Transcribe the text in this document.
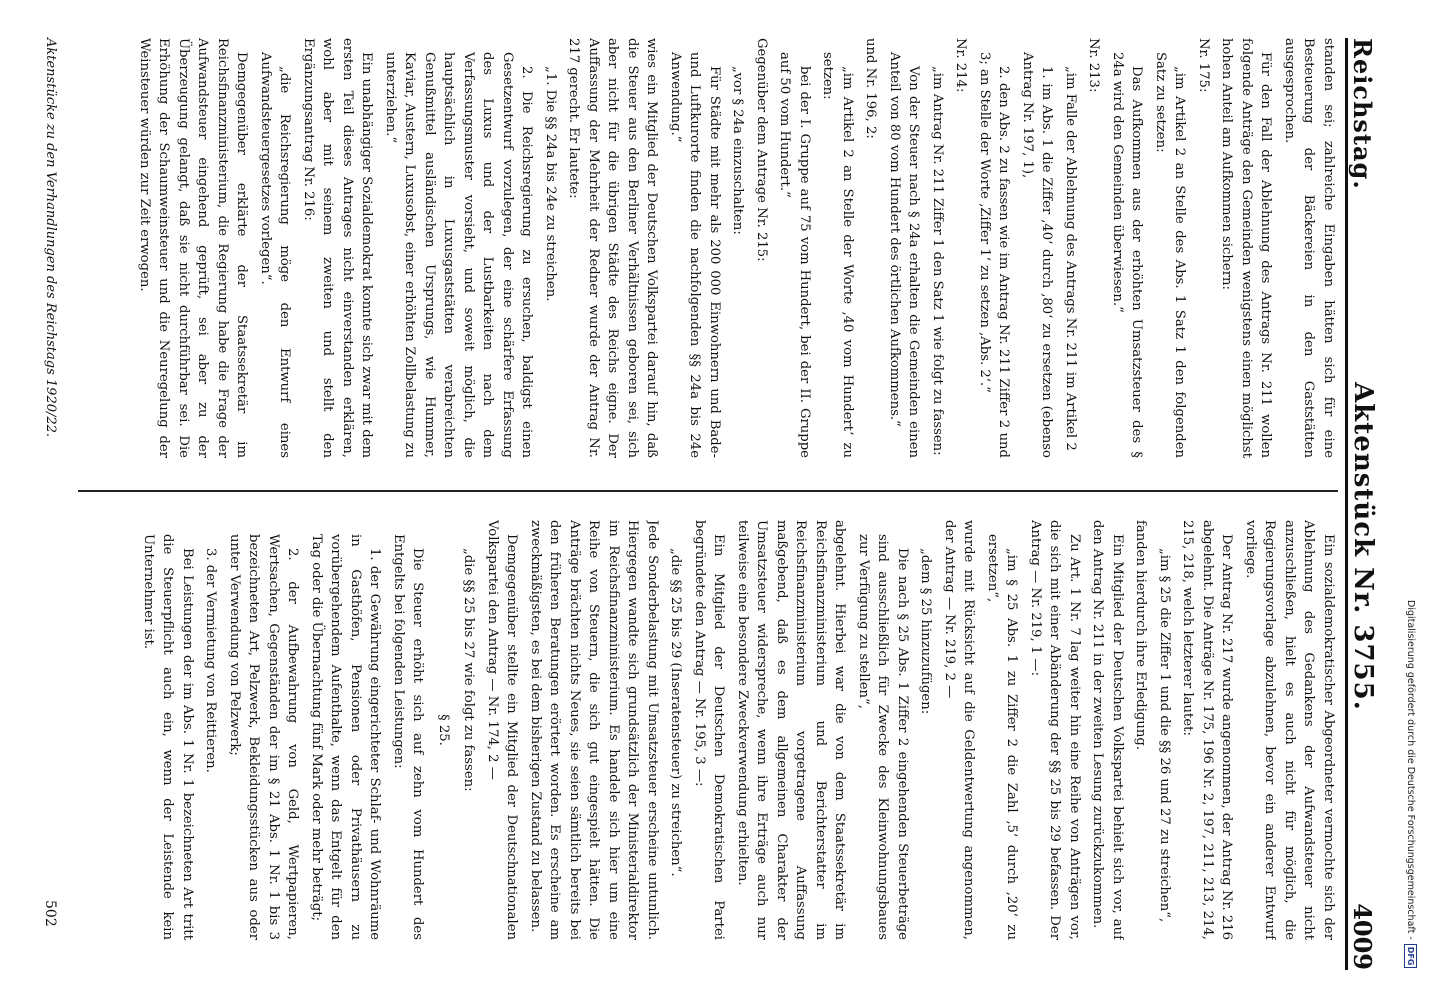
Reichstag.
Aktenstück Nr. 3755.
4009

standen sei; zahlreiche Eingaben hätten sich für eine Besteuerung der Bäckereien in den Gaststätten ausgesprochen.

Für den Fall der Ablehnung des Antrags Nr. 211 wollen folgende Anträge den Gemeinden wenigstens einen möglichst hohen Anteil am Aufkommen sichern:

Nr. 175:

„im Artikel 2 an Stelle des Abs. 1 Satz 1 den folgenden Satz zu setzen:

Das Aufkommen aus der erhöhten Umsatzsteuer des § 24a wird den Gemeinden überwiesen.“

Nr. 213:

„im Falle der Ablehnung des Antrags Nr. 211 im Artikel 2

1. im Abs. 1 die Ziffer ‚40‘ durch ‚80‘ zu ersetzen (ebenso Antrag Nr. 197, 1),

2. den Abs. 2 zu fassen wie im Antrag Nr. 211 Ziffer 2 und 3; an Stelle der Worte ‚Ziffer 1‘ zu setzen ‚Abs. 2‘.“

Nr. 214:

„im Antrag Nr. 211 Ziffer 1 den Satz 1 wie folgt zu fassen:

Von der Steuer nach § 24a erhalten die Gemeinden einen Anteil von 80 vom Hundert des örtlichen Aufkommens.“

und Nr. 196, 2:

„im Artikel 2 an Stelle der Worte ‚40 vom Hundert‘ zu setzen:

bei der I. Gruppe auf 75 vom Hundert, bei der II. Gruppe auf 50 vom Hundert.“

Gegenüber dem Antrage Nr. 215:

„vor § 24a einzuschalten:

Für Städte mit mehr als 200 000 Einwohnern und Bade- und Luftkurorte finden die nachfolgenden §§ 24a bis 24e Anwendung.“

wies ein Mitglied der Deutschen Volkspartei darauf hin, daß die Steuer aus den Berliner Verhältnissen geboren sei, sich aber nicht für die übrigen Städte des Reichs eigne. Der Auffassung der Mehrheit der Redner wurde der Antrag Nr. 217 gerecht. Er lautete:

„1. Die §§ 24a bis 24e zu streichen.

2. Die Reichsregierung zu ersuchen, baldigst einen Gesetzentwurf vorzulegen, der eine schärfere Erfassung des Luxus und der Lustbarkeiten nach dem Verfassungsmuster vorsieht, und soweit möglich, die hauptsächlich in Luxusgaststätten verabreichten Genußmittel ausländischen Ursprungs, wie Hummer, Kaviar, Austern, Luxusobst, einer erhöhten Zollbelastung zu unterziehen.“

Ein unabhängiger Sozialdemokrat konnte sich zwar mit dem ersten Teil dieses Antrages nicht einverstanden erklären, wohl aber mit seinem zweiten und stellt den Ergänzungsantrag Nr. 216:

„die Reichsregierung möge den Entwurf eines Aufwandsteuergesetzes vorlegen“.

Demgegenüber erklärte der Staatssekretär im Reichsfinanzministerium, die Regierung habe die Frage der Aufwandsteuer eingehend geprüft, sei aber zu der Überzeugung gelangt, daß sie nicht durchführbar sei. Die Erhöhung der Schaumweinsteuer und die Neuregelung der Weinsteuer würden zur Zeit erwogen.

Ein sozialdemokratischer Abgeordneter vermochte sich der Ablehnung des Gedankens der Aufwandsteuer nicht anzuschließen, hielt es auch nicht für möglich, die Regierungsvorlage abzulehnen, bevor ein anderer Entwurf vorliege.

Der Antrag Nr. 217 wurde angenommen, der Antrag Nr. 216 abgelehnt. Die Anträge Nr. 175, 196 Nr. 2, 197, 211, 213, 214, 215, 218, welch letzterer lautet:

„im § 25 die Ziffer 1 und die §§ 26 und 27 zu streichen“,

fanden hierdurch ihre Erledigung.

Ein Mitglied der Deutschen Volkspartei behielt sich vor, auf den Antrag Nr. 211 in der zweiten Lesung zurückzukommen.

Zu Art. 1 Nr. 7 lag weiter hin eine Reihe von Anträgen vor, die sich mit einer Abänderung der §§ 25 bis 29 befassen. Der Antrag — Nr. 219, 1 —:

„im § 25 Abs. 1 zu Ziffer 2 die Zahl ‚5‘ durch ‚20‘ zu ersetzen“,

wurde mit Rücksicht auf die Geldentwertung angenommen, der Antrag — Nr. 219, 2 —

„dem § 25 hinzuzufügen:

Die nach § 25 Abs. 1 Ziffer 2 eingehenden Steuerbeträge sind ausschließlich für Zwecke des Kleinwohnungsbaues zur Verfügung zu stellen“,

abgelehnt. Hierbei war die von dem Staatssekretär im Reichsfinanzministerium und Berichterstatter im Reichsfinanzministerium vorgetragene Auffassung maßgebend, daß es dem allgemeinen Charakter der Umsatzsteuer widerspreche, wenn ihre Erträge auch nur teilweise eine besondere Zweckverwendung erhielten.

Ein Mitglied der Deutschen Demokratischen Partei begründete den Antrag — Nr. 195, 3 —:

„die §§ 25 bis 29 (Inseratensteuer) zu streichen“.

Jede Sonderbelastung mit Umsatzsteuer erscheine untunlich. Hiergegen wandte sich grundsätzlich der Ministerialdirektor im Reichsfinanzministerium. Es handele sich hier um eine Reihe von Steuern, die sich gut eingespielt hätten. Die Anträge brächten nichts Neues, sie seien sämtlich bereits bei den früheren Beratungen erörtert worden. Es erscheine am zweckmäßigsten, es bei dem bisherigen Zustand zu belassen.

Demgegenüber stellte ein Mitglied der Deutschnationalen Volkspartei den Antrag — Nr. 174, 2 —

„die §§ 25 bis 27 wie folgt zu fassen:

§ 25.

Die Steuer erhöht sich auf zehn vom Hundert des Entgelts bei folgenden Leistungen:

1. der Gewährung eingerichteter Schlaf- und Wohnräume in Gasthöfen, Pensionen oder Privathäusern zu vorübergehendem Aufenthalte, wenn das Entgelt für den Tag oder die Übernachtung fünf Mark oder mehr beträgt;

2. der Aufbewahrung von Geld, Wertpapieren, Wertsachen, Gegenständen der im § 21 Abs. 1 Nr. 1 bis 3 bezeichneten Art, Pelzwerk, Bekleidungsstücken aus oder unter Verwendung von Pelzwerk;

3. der Vermietung von Reittieren.

Bei Leistungen der im Abs. 1 Nr. 1 bezeichneten Art tritt die Steuerpflicht auch ein, wenn der Leistende kein Unternehmer ist.

Aktenstücke zu den Verhandlungen des Reichstags 1920/22.
502	Digitalisierung gefördert durch die Deutsche Forschungsgemeinschaft -
DFG
